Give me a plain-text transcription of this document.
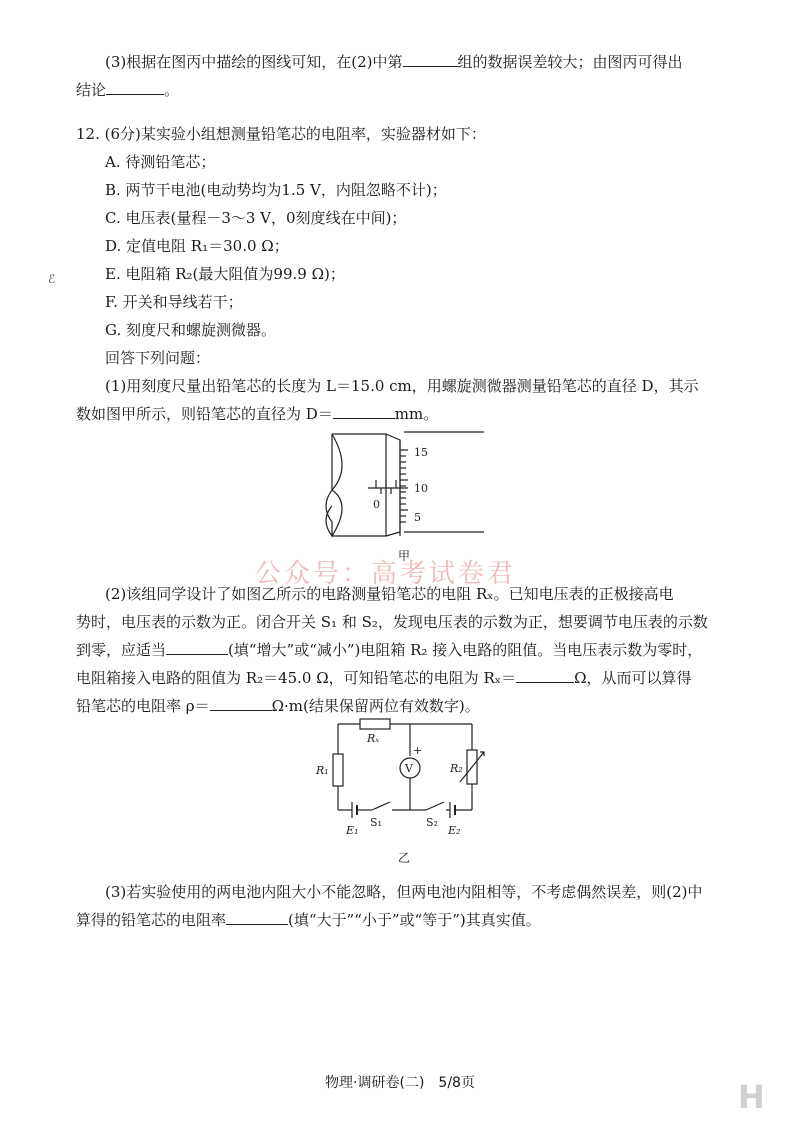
(3)根据在图丙中描绘的图线可知，在(2)中第	组的数据误差较大；由图丙可得出
结论	。
12. (6分)某实验小组想测量铅笔芯的电阻率，实验器材如下：
A. 待测铅笔芯；
B. 两节干电池(电动势均为1.5 V，内阻忽略不计)；
C. 电压表(量程－3～3 V，0刻度线在中间)；
D. 定值电阻 R₁＝30.0 Ω；
E. 电阻箱 R₂(最大阻值为99.9 Ω)；
F. 开关和导线若干；
G. 刻度尺和螺旋测微器。
回答下列问题：
ℰ
(1)用刻度尺量出铅笔芯的长度为 L＝15.0 cm，用螺旋测微器测量铅笔芯的直径 D，其示
数如图甲所示，则铅笔芯的直径为 D＝	mm。
15
10
5
0
甲
公众号：高考试卷君
(2)该组同学设计了如图乙所示的电路测量铅笔芯的电阻 Rₓ。已知电压表的正极接高电
势时，电压表的示数为正。闭合开关 S₁ 和 S₂，发现电压表的示数为正，想要调节电压表的示数
到零，应适当	(填“增大”或“减小”)电阻箱 R₂ 接入电路的阻值。当电压表示数为零时，
电阻箱接入电路的阻值为 R₂＝45.0 Ω，可知铅笔芯的电阻为 Rₓ＝	Ω，从而可以算得
铅笔芯的电阻率 ρ＝	Ω·m(结果保留两位有效数字)。
Rₓ
R₁	R₂
V
+
S₁	S₂
E₁	E₂
乙
(3)若实验使用的两电池内阻大小不能忽略，但两电池内阻相等，不考虑偶然误差，则(2)中
算得的铅笔芯的电阻率	(填“大于”“小于”或“等于”)其真实值。
物理·调研卷(二)　5/8页	H
